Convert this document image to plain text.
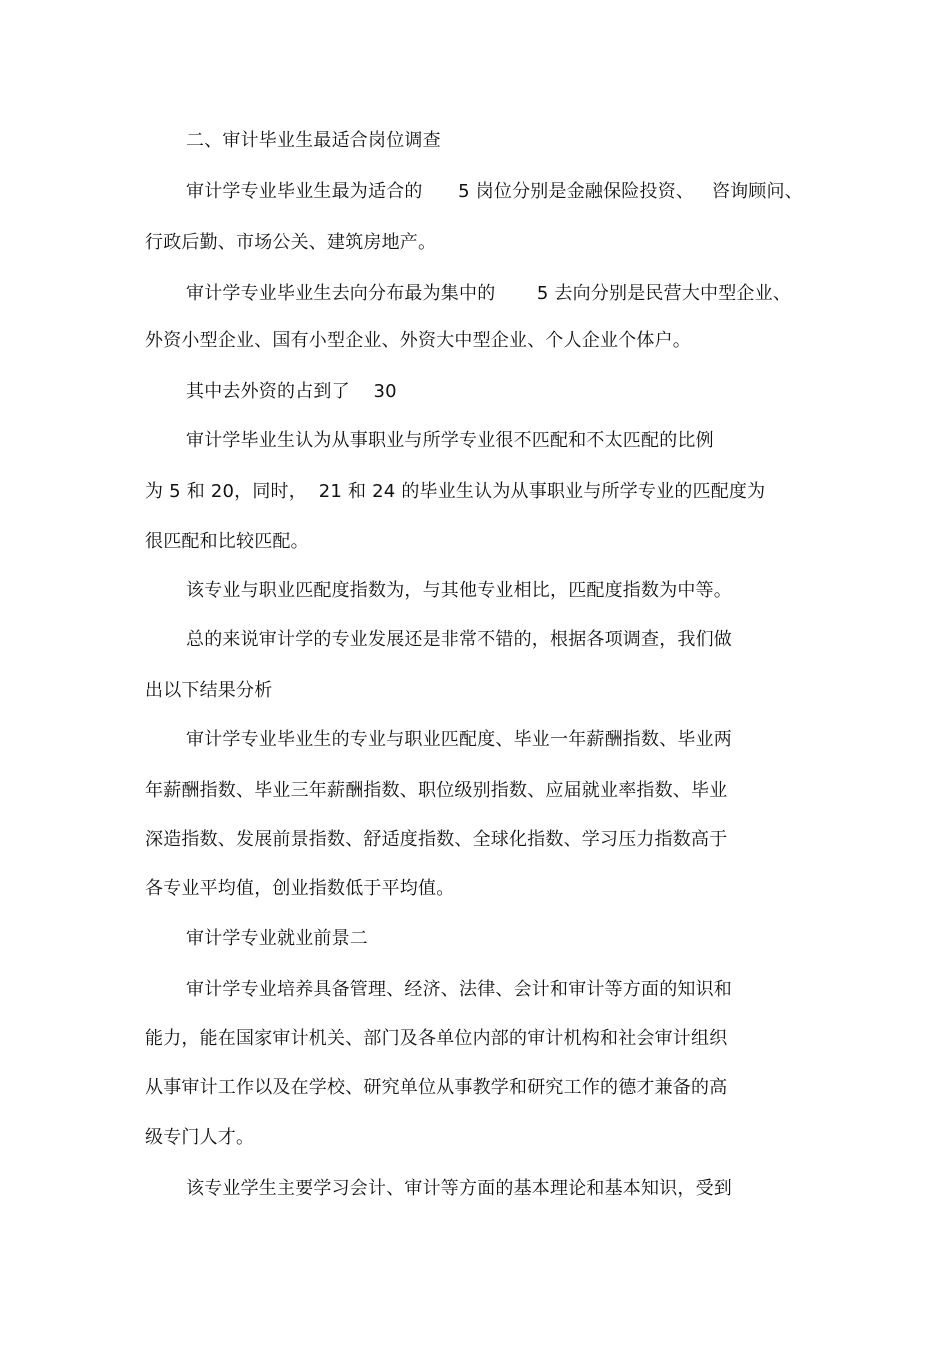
二、审计毕业生最适合岗位调查
审计学专业毕业生最为适合的      5 岗位分别是金融保险投资、   咨询顾问、
行政后勤、市场公关、建筑房地产。
审计学专业毕业生去向分布最为集中的       5 去向分别是民营大中型企业、
外资小型企业、国有小型企业、外资大中型企业、个人企业个体户。
其中去外资的占到了    30
审计学毕业生认为从事职业与所学专业很不匹配和不太匹配的比例
为 5 和 20，同时，  21 和 24 的毕业生认为从事职业与所学专业的匹配度为
很匹配和比较匹配。
该专业与职业匹配度指数为，与其他专业相比，匹配度指数为中等。
总的来说审计学的专业发展还是非常不错的，根据各项调查，我们做
出以下结果分析
审计学专业毕业生的专业与职业匹配度、毕业一年薪酬指数、毕业两
年薪酬指数、毕业三年薪酬指数、职位级别指数、应届就业率指数、毕业
深造指数、发展前景指数、舒适度指数、全球化指数、学习压力指数高于
各专业平均值，创业指数低于平均值。
审计学专业就业前景二
审计学专业培养具备管理、经济、法律、会计和审计等方面的知识和
能力，能在国家审计机关、部门及各单位内部的审计机构和社会审计组织
从事审计工作以及在学校、研究单位从事教学和研究工作的德才兼备的高
级专门人才。
该专业学生主要学习会计、审计等方面的基本理论和基本知识，受到
